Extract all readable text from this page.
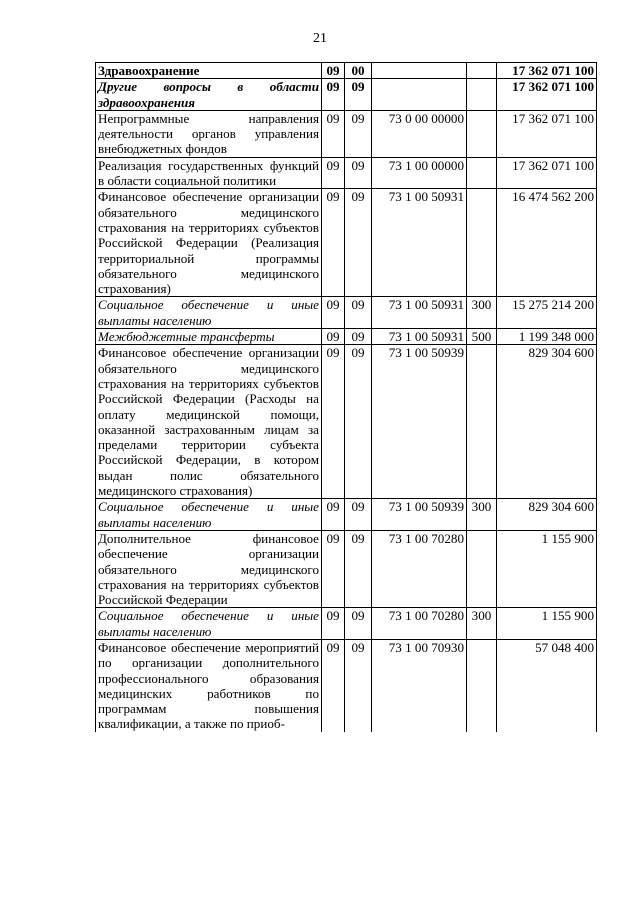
21
Здравоохранение	09	00			17 362 071 100
Другие вопросы в области здравоохранения	09	09			17 362 071 100
Непрограммные направления деятельности органов управления внебюджетных фондов	09	09	73 0 00 00000		17 362 071 100
Реализация государственных функций в области социальной политики	09	09	73 1 00 00000		17 362 071 100
Финансовое обеспечение организации обязательного медицинского страхования на территориях субъектов Российской Федерации (Реализация территориальной программы обязательного медицинского страхования)	09	09	73 1 00 50931		16 474 562 200
Социальное обеспечение и иные выплаты населению	09	09	73 1 00 50931	300	15 275 214 200
Межбюджетные трансферты	09	09	73 1 00 50931	500	1 199 348 000
Финансовое обеспечение организации обязательного медицинского страхования на территориях субъектов Российской Федерации (Расходы на оплату медицинской помощи, оказанной застрахованным лицам за пределами территории субъекта Российской Федерации, в котором выдан полис обязательного медицинского страхования)	09	09	73 1 00 50939		829 304 600
Социальное обеспечение и иные выплаты населению	09	09	73 1 00 50939	300	829 304 600
Дополнительное финансовое обеспечение организации обязательного медицинского страхования на территориях субъектов Российской Федерации	09	09	73 1 00 70280		1 155 900
Социальное обеспечение и иные выплаты населению	09	09	73 1 00 70280	300	1 155 900
Финансовое обеспечение мероприятий по организации дополнительного профессионального образования медицинских работников по программам повышения квалификации, а также по приоб-	09	09	73 1 00 70930		57 048 400
